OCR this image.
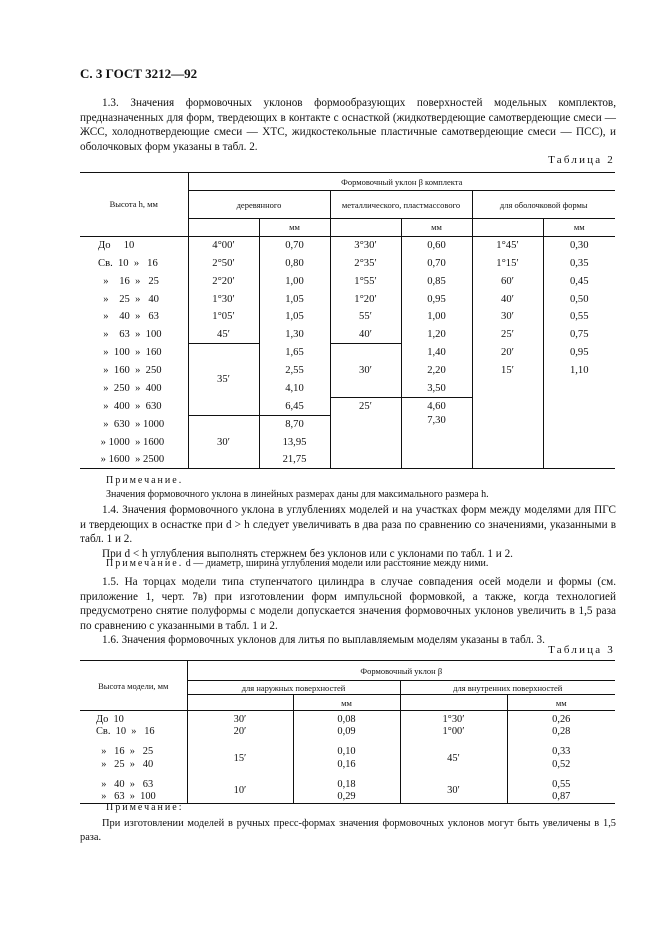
С. 3 ГОСТ 3212—92

1.3. Значения формовочных уклонов формообразующих поверхностей модельных комплектов, предназначенных для форм, твердеющих в контакте с оснасткой (жидкотвердеющие самотвердеющие смеси — ЖСС, холоднотвердеющие смеси — ХТС, жидкостекольные пластичные самотвердеющие смеси — ПСС), и оболочковых форм указаны в табл. 2.

Таблица 2
Высота h, мм	Формовочный уклон β комплекта					
	деревянного		металлического, пластмассового		для оболочковой формы	
		мм		мм		мм
До     10	4°00′	0,70	3°30′	0,60	1°45′	0,30
Св.  10  »   16	2°50′	0,80	2°35′	0,70	1°15′	0,35
»    16  »   25	2°20′	1,00	1°55′	0,85	60′	0,45
»    25  »   40	1°30′	1,05	1°20′	0,95	40′	0,50
»    40  »   63	1°05′	1,05	55′	1,00	30′	0,55
»    63  »  100	45′	1,30	40′	1,20	25′	0,75
»  100  »  160	35′	1,65	30′	1,40	20′	0,95
»  160  »  250		2,55		2,20	15′	1,10
»  250  »  400		4,10		3,50		
»  400  »  630		6,45	25′	4,60		
»  630  » 1000	30′	8,70		7,30		
» 1000  » 1600		13,95				
» 1600  » 2500		21,75				
Примечание.
Значения формовочного уклона в линейных размерах даны для максимального размера h.

1.4. Значения формовочного уклона в углублениях моделей и на участках форм между моделями для ПГС и твердеющих в оснастке при d > h следует увеличивать в два раза по сравнению со значениями, указанными в табл. 1 и 2.

При d < h углубления выполнять стержнем без уклонов или с уклонами по табл. 1 и 2.

Примечание. d — диаметр, ширина углубления модели или расстояние между ними.

1.5. На торцах модели типа ступенчатого цилиндра в случае совпадения осей модели и формы (см. приложение 1, черт. 7в) при изготовлении форм импульсной формовкой, а также, когда технологией предусмотрено снятие полуформы с модели допускается значения формовочных уклонов увеличить в 1,5 раза по сравнению с указанными в табл. 1 и 2.

1.6. Значения формовочных уклонов для литья по выплавляемым моделям указаны в табл. 3.

Таблица 3
Высота модели, мм	Формовочный уклон β			
	для наружных поверхностей		для внутренних поверхностей	
		мм		мм
До  10	30′	0,08	1°30′	0,26
Св.  10  »   16	20′	0,09	1°00′	0,28
»   16  »   25	15′	0,10	45′	0,33
»   25  »   40		0,16		0,52
»   40  »   63	10′	0,18	30′	0,55
»   63  »  100		0,29		0,87
Примечание:

При изготовлении моделей в ручных пресс-формах значения формовочных уклонов могут быть увеличены в 1,5 раза.
